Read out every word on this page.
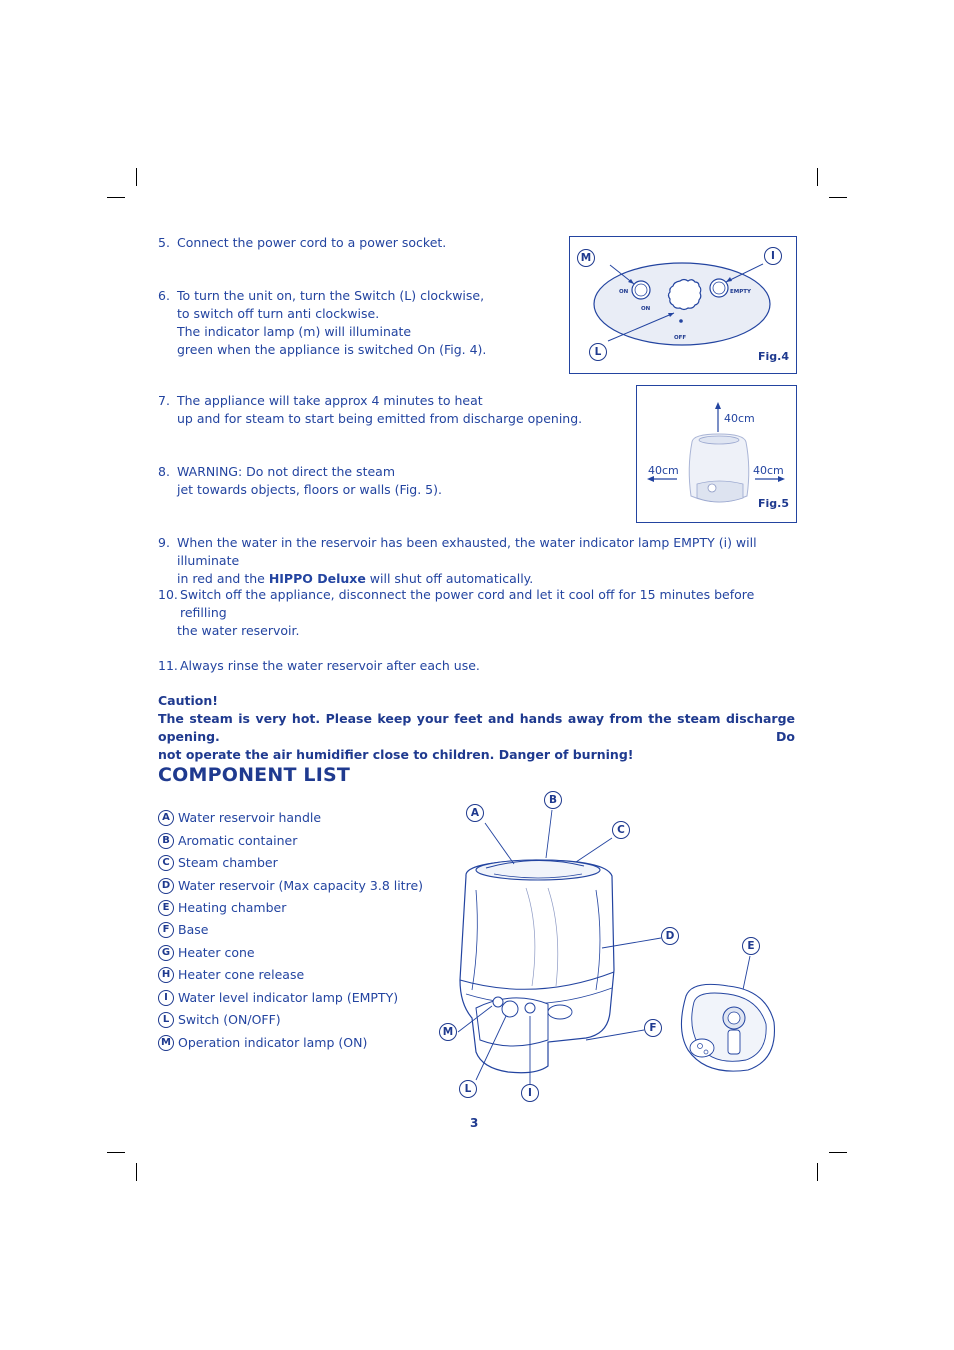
5. Connect the power cord to a power socket.
6. To turn the unit on, turn the Switch (L) clockwise,
to switch off turn anti clockwise.
The indicator lamp (m) will illuminate
green when the appliance is switched On (Fig. 4).
7. The appliance will take approx 4 minutes to heat
up and for steam to start being emitted from discharge opening.
8. WARNING: Do not direct the steam
jet towards objects, floors or walls (Fig. 5).
9. When the water in the reservoir has been exhausted, the water indicator lamp EMPTY (i) will illuminate
in red and the HIPPO Deluxe will shut off automatically.
10. Switch off the appliance, disconnect the power cord and let it cool off for 15 minutes before refilling
the water reservoir.
11. Always rinse the water reservoir after each use.
Caution!
The steam is very hot. Please keep your feet and hands away from the steam discharge opening. Do
not operate the air humidifier close to children. Danger of burning!
M	I
L
ON	EMPTY
ON
OFF
Fig.4
40cm
40cm	40cm
Fig.5
COMPONENT LIST
A Water reservoir handle
B Aromatic container
C Steam chamber
D Water reservoir (Max capacity 3.8 litre)
E Heating chamber
F Base
G Heater cone
H Heater cone release
I Water level indicator lamp (EMPTY)
L Switch (ON/OFF)
M Operation indicator lamp (ON)
A
B
C
D
E
F
M
L	I
3
